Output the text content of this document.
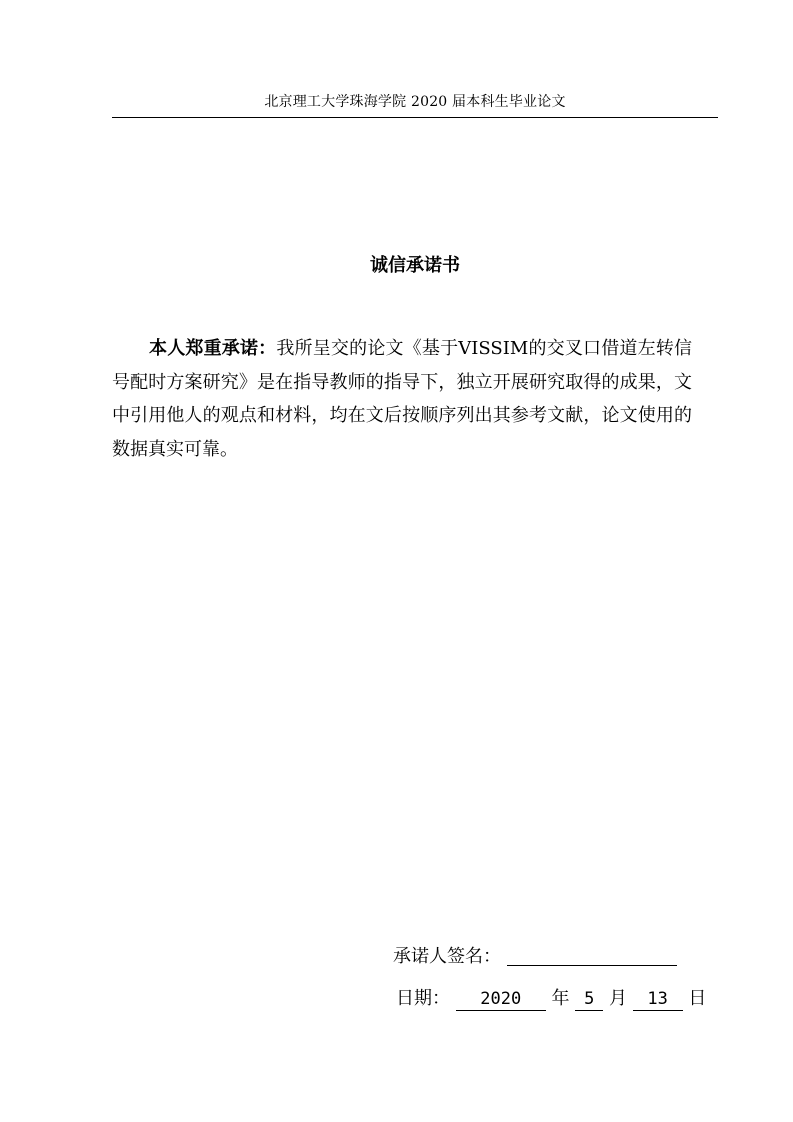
北京理工大学珠海学院 2020 届本科生毕业论文
诚信承诺书

本人郑重承诺：我所呈交的论文《基于VISSIM的交叉口借道左转信号配时方案研究》是在指导教师的指导下，独立开展研究取得的成果，文中引用他人的观点和材料，均在文后按顺序列出其参考文献，论文使用的数据真实可靠。

承诺人签名：
日期： 2020 年 5 月 13 日
